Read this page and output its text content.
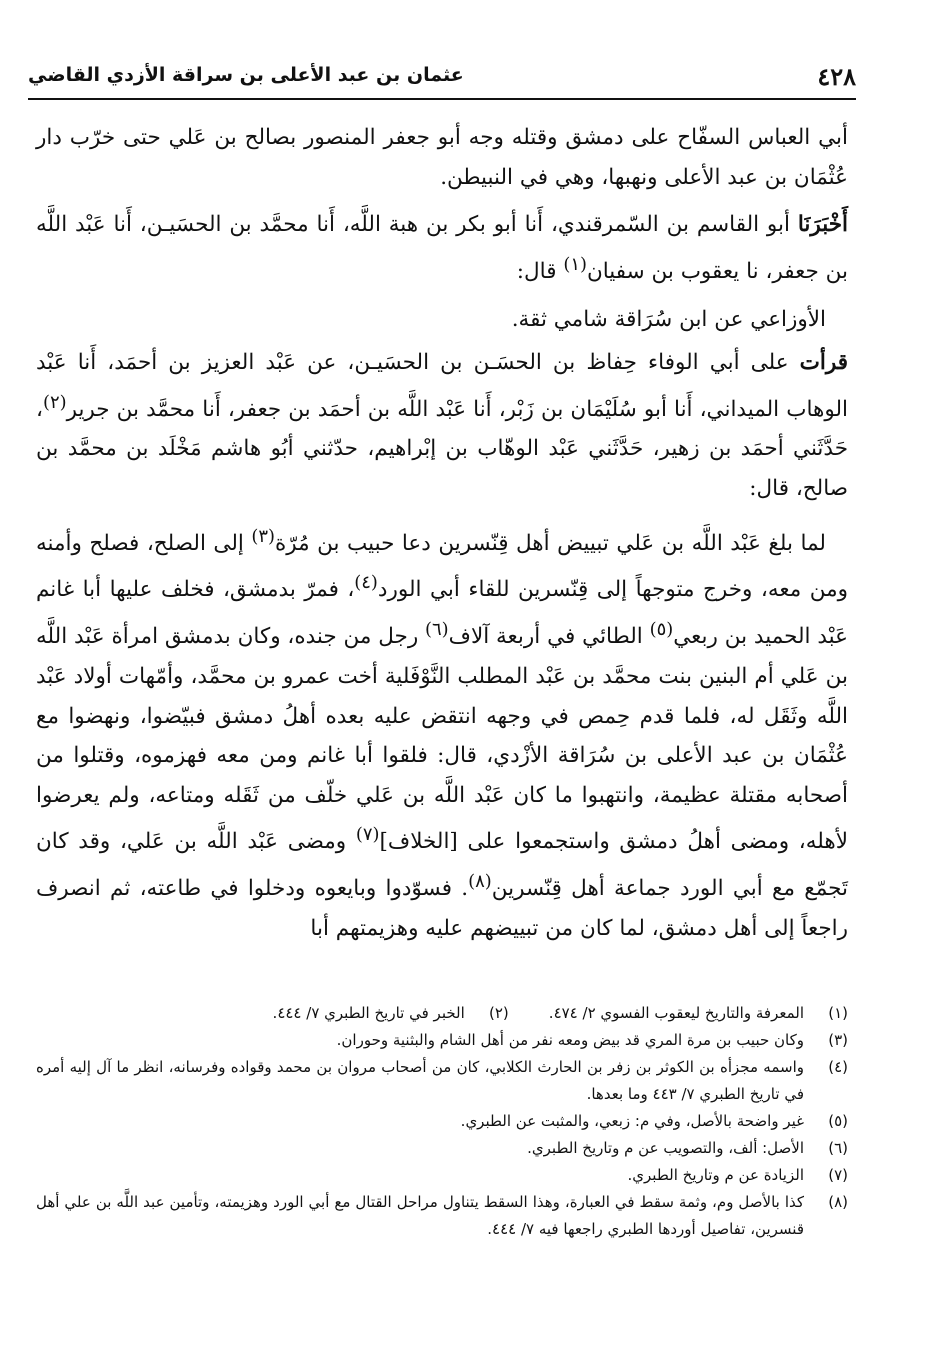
٤٢٨
عثمان بن عبد الأعلى بن سراقة الأزدي القاضي

أبي العباس السفّاح على دمشق وقتله وجه أبو جعفر المنصور بصالح بن عَلي حتى خرّب دار عُثْمَان بن عبد الأعلى ونهبها، وهي في النبيطن.

أَخْبَرَنَا أبو القاسم بن السّمرقندي، أَنا أبو بكر بن هبة اللَّه، أَنا محمَّد بن الحسَيـن، أَنا عَبْد اللَّه بن جعفر، نا يعقوب بن سفيان$^{(١)}$ قال:

الأوزاعي عن ابن سُرَاقة شامي ثقة.

قرأت على أبي الوفاء حِفاظ بن الحسَـن بن الحسَيـن، عن عَبْد العزيز بن أحمَد، أَنا عَبْد الوهاب الميداني، أَنا أبو سُلَيْمَان بن زَبْر، أَنا عَبْد اللَّه بن أحمَد بن جعفر، أَنا محمَّد بن جرير$^{(٢)}$، حَدَّثَني أحمَد بن زهير، حَدَّثَني عَبْد الوهّاب بن إبْراهيم، حدّثني أبُو هاشم مَخْلَد بن محمَّد بن صالح، قال:

لما بلغ عَبْد اللَّه بن عَلي تبييض أهل قِنّسرين دعا حبيب بن مُرّة$^{(٣)}$ إلى الصلح، فصلح وأمنه ومن معه، وخرج متوجهاً إلى قِنّسرين للقاء أبي الورد$^{(٤)}$، فمرّ بدمشق، فخلف عليها أبا غانم عَبْد الحميد بن ربعي$^{(٥)}$ الطائي في أربعة آلاف$^{(٦)}$ رجل من جنده، وكان بدمشق امرأة عَبْد اللَّه بن عَلي أم البنين بنت محمَّد بن عَبْد المطلب النَّوْفَلية أخت عمرو بن محمَّد، وأمّهات أولاد عَبْد اللَّه وثَقَل له، فلما قدم حِمص في وجهه انتقض عليه بعده أهلُ دمشق فبيّضوا، ونهضوا مع عُثْمَان بن عبد الأعلى بن سُرَاقة الأزْدي، قال: فلقوا أبا غانم ومن معه فهزموه، وقتلوا من أصحابه مقتلة عظيمة، وانتهبوا ما كان عَبْد اللَّه بن عَلي خلّف من ثَقَله ومتاعه، ولم يعرضوا لأهله، ومضى أهلُ دمشق واستجمعوا على [الخلاف]$^{(٧)}$ ومضى عَبْد اللَّه بن عَلي، وقد كان تَجمّع مع أبي الورد جماعة أهل قِنّسرين$^{(٨)}$. فسوّدوا وبايعوه ودخلوا في طاعته، ثم انصرف راجعاً إلى أهل دمشق، لما كان من تبييضهم عليه وهزيمتهم أبا

(١)
المعرفة والتاريخ ليعقوب الفسوي ٢/ ٤٧٤.
(٢)
الخبر في تاريخ الطبري ٧/ ٤٤٤.
(٣)
وكان حبيب بن مرة المري قد بيض ومعه نفر من أهل الشام والبثنية وحوران.
(٤)
واسمه مجزأه بن الكوثر بن زفر بن الحارث الكلابي، كان من أصحاب مروان بن محمد وقواده وفرسانه، انظر ما آل إليه أمره في تاريخ الطبري ٧/ ٤٤٣ وما بعدها.
(٥)
غير واضحة بالأصل، وفي م: زبعي، والمثبت عن الطبري.
(٦)
الأصل: ألف، والتصويب عن م وتاريخ الطبري.
(٧)
الزيادة عن م وتاريخ الطبري.
(٨)
كذا بالأصل وم، وثمة سقط في العبارة، وهذا السقط يتناول مراحل القتال مع أبي الورد وهزيمته، وتأمين عبد اللَّه بن علي أهل قنسرين، تفاصيل أوردها الطبري راجعها فيه ٧/ ٤٤٤.
